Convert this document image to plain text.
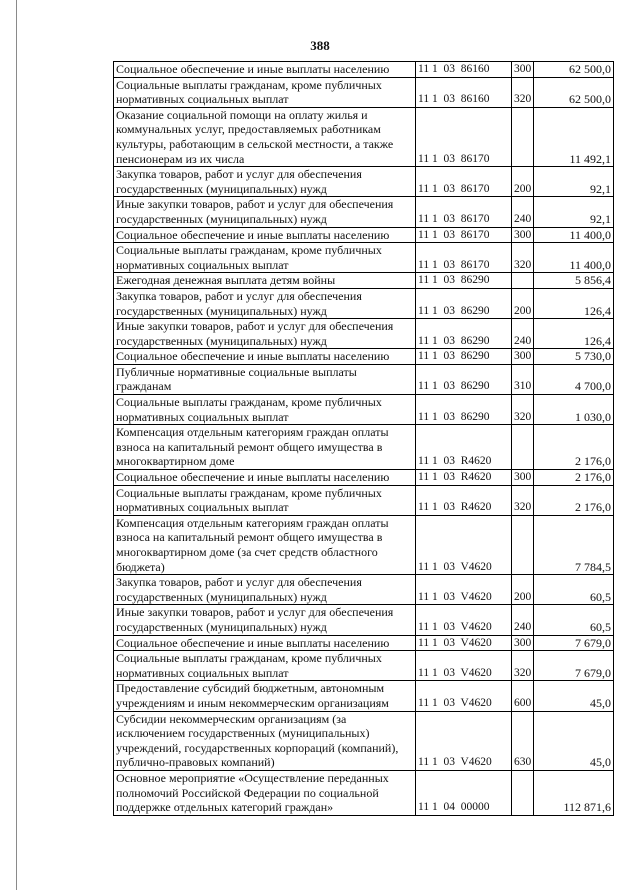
388
Социальное обеспечение и иные выплаты населению	11 1  03  86160	300	62 500,0
Социальные выплаты гражданам, кроме публичных нормативных социальных выплат	11 1  03  86160	320	62 500,0
Оказание социальной помощи на оплату жилья и коммунальных услуг, предоставляемых работникам культуры, работающим в сельской местности, а также пенсионерам из их числа	11 1  03  86170		11 492,1
Закупка товаров, работ и услуг для обеспечения государственных (муниципальных) нужд	11 1  03  86170	200	92,1
Иные закупки товаров, работ и услуг для обеспечения государственных (муниципальных) нужд	11 1  03  86170	240	92,1
Социальное обеспечение и иные выплаты населению	11 1  03  86170	300	11 400,0
Социальные выплаты гражданам, кроме публичных нормативных социальных выплат	11 1  03  86170	320	11 400,0
Ежегодная денежная выплата детям войны	11 1  03  86290		5 856,4
Закупка товаров, работ и услуг для обеспечения государственных (муниципальных) нужд	11 1  03  86290	200	126,4
Иные закупки товаров, работ и услуг для обеспечения государственных (муниципальных) нужд	11 1  03  86290	240	126,4
Социальное обеспечение и иные выплаты населению	11 1  03  86290	300	5 730,0
Публичные нормативные социальные выплаты гражданам	11 1  03  86290	310	4 700,0
Социальные выплаты гражданам, кроме публичных нормативных социальных выплат	11 1  03  86290	320	1 030,0
Компенсация отдельным категориям граждан оплаты взноса на капитальный ремонт общего имущества в многоквартирном доме	11 1  03  R4620		2 176,0
Социальное обеспечение и иные выплаты населению	11 1  03  R4620	300	2 176,0
Социальные выплаты гражданам, кроме публичных нормативных социальных выплат	11 1  03  R4620	320	2 176,0
Компенсация отдельным категориям граждан оплаты взноса на капитальный ремонт общего имущества в многоквартирном доме (за счет средств областного бюджета)	11 1  03  V4620		7 784,5
Закупка товаров, работ и услуг для обеспечения государственных (муниципальных) нужд	11 1  03  V4620	200	60,5
Иные закупки товаров, работ и услуг для обеспечения государственных (муниципальных) нужд	11 1  03  V4620	240	60,5
Социальное обеспечение и иные выплаты населению	11 1  03  V4620	300	7 679,0
Социальные выплаты гражданам, кроме публичных нормативных социальных выплат	11 1  03  V4620	320	7 679,0
Предоставление субсидий бюджетным, автономным учреждениям и иным некоммерческим организациям	11 1  03  V4620	600	45,0
Субсидии некоммерческим организациям (за исключением государственных (муниципальных) учреждений, государственных корпораций (компаний), публично-правовых компаний)	11 1  03  V4620	630	45,0
Основное мероприятие «Осуществление переданных полномочий Российской Федерации по социальной поддержке отдельных категорий граждан»	11 1  04  00000		112 871,6
